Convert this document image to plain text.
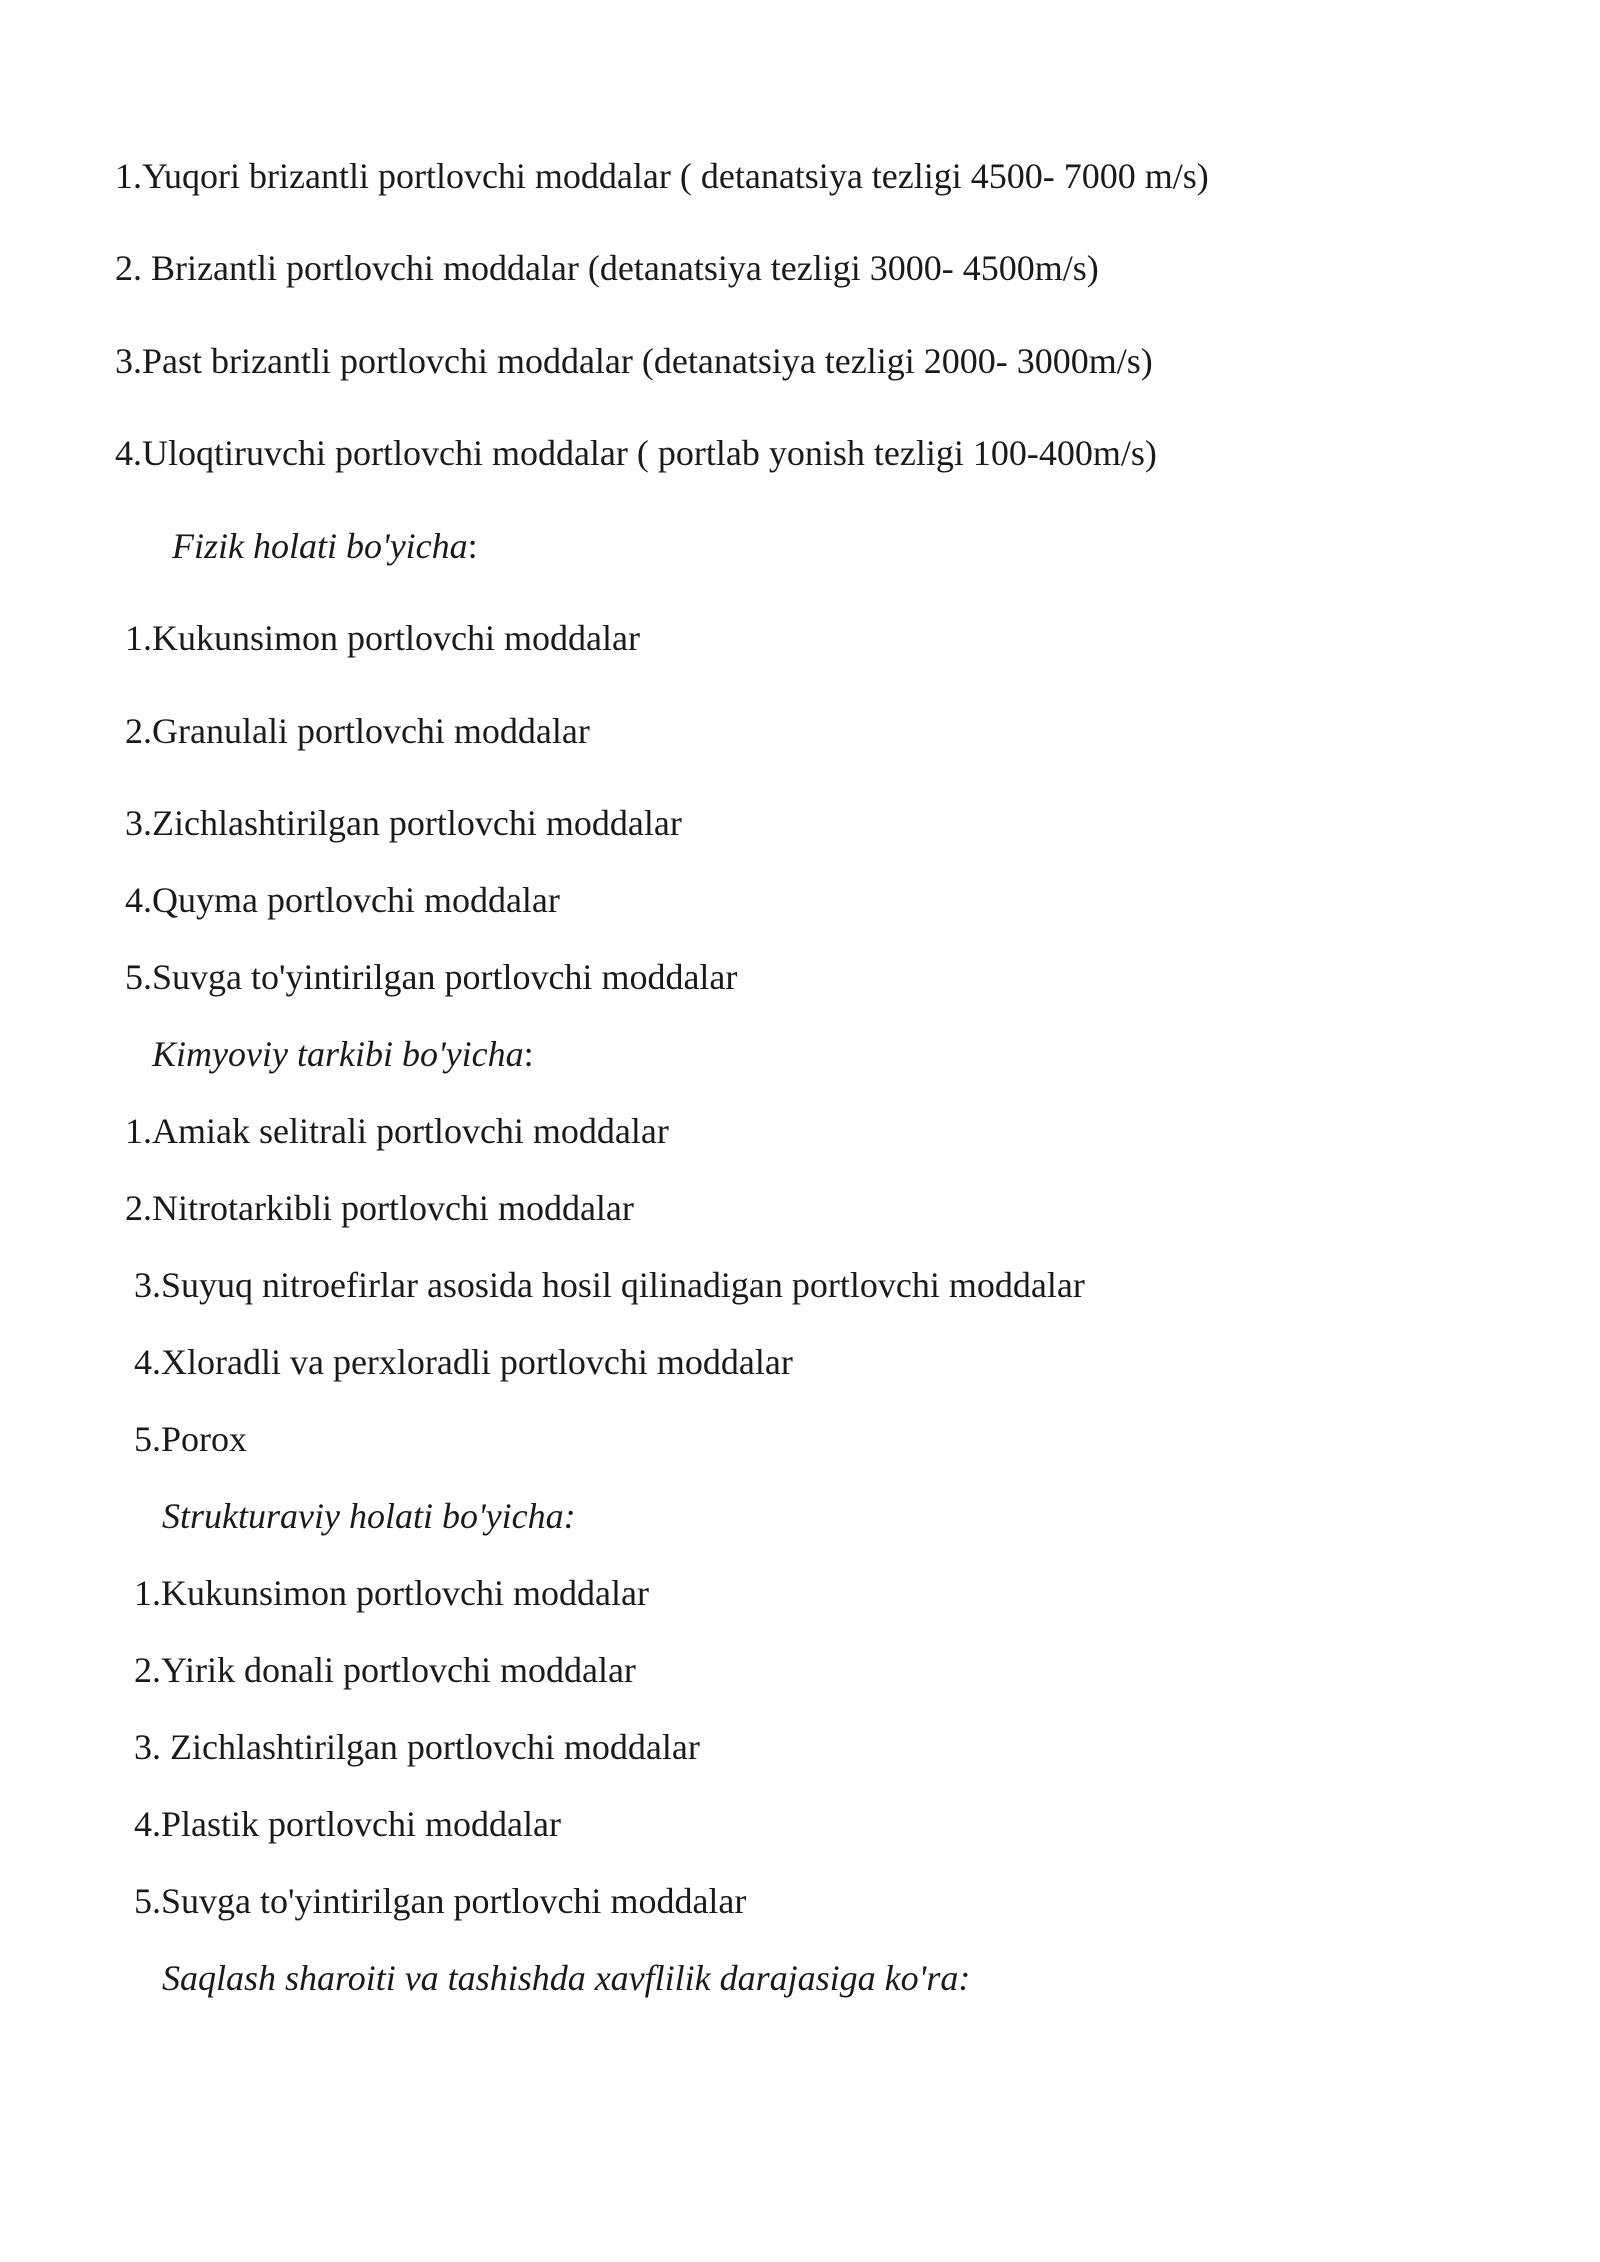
1.Yuqori brizantli portlovchi moddalar ( detanatsiya tezligi 4500- 7000 m/s)
2. Brizantli portlovchi moddalar (detanatsiya tezligi 3000- 4500m/s)
3.Past brizantli portlovchi moddalar (detanatsiya tezligi 2000- 3000m/s)
4.Uloqtiruvchi portlovchi moddalar ( portlab yonish tezligi 100-400m/s)
Fizik holati bo'yicha:
1.Kukunsimon portlovchi moddalar
2.Granulali portlovchi moddalar
3.Zichlashtirilgan portlovchi moddalar
4.Quyma portlovchi moddalar
5.Suvga to'yintirilgan portlovchi moddalar
Kimyoviy tarkibi bo'yicha:
1.Amiak selitrali portlovchi moddalar
2.Nitrotarkibli portlovchi moddalar
3.Suyuq nitroefirlar asosida hosil qilinadigan portlovchi moddalar
4.Xloradli va perxloradli portlovchi moddalar
5.Porox
Strukturaviy holati bo'yicha:
1.Kukunsimon portlovchi moddalar
2.Yirik donali portlovchi moddalar
3. Zichlashtirilgan portlovchi moddalar
4.Plastik portlovchi moddalar
5.Suvga to'yintirilgan portlovchi moddalar
Saqlash sharoiti va tashishda xavflilik darajasiga ko'ra:
